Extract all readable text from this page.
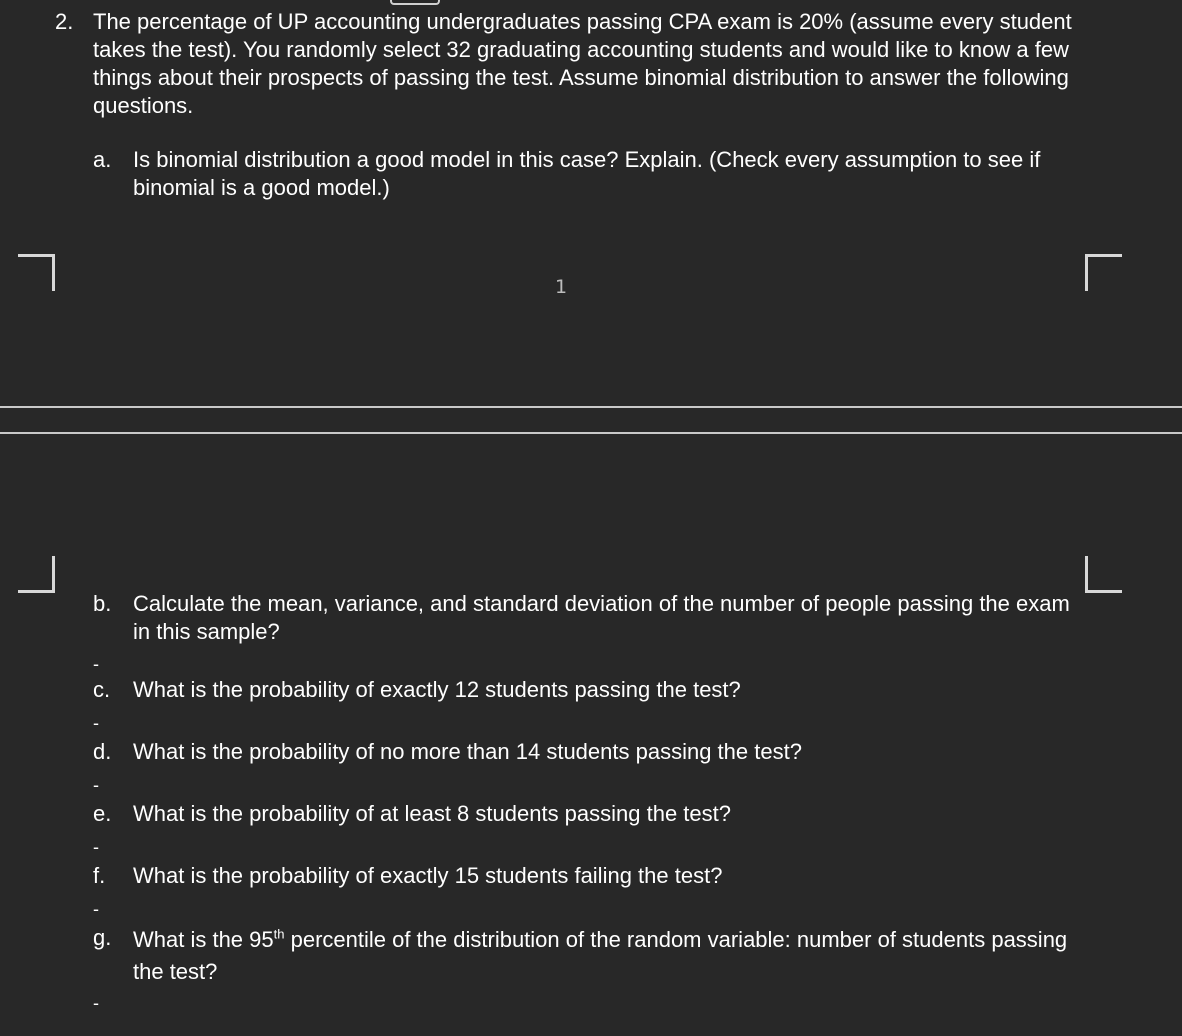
2. The percentage of UP accounting undergraduates passing CPA exam is 20% (assume every student takes the test). You randomly select 32 graduating accounting students and would like to know a few things about their prospects of passing the test. Assume binomial distribution to answer the following questions.

a. Is binomial distribution a good model in this case? Explain. (Check every assumption to see if binomial is a good model.)
1
b. Calculate the mean, variance, and standard deviation of the number of people passing the exam in this sample?
-
c. What is the probability of exactly 12 students passing the test?
-
d. What is the probability of no more than 14 students passing the test?
-
e. What is the probability of at least 8 students passing the test?
-
f. What is the probability of exactly 15 students failing the test?
-
g. What is the 95th percentile of the distribution of the random variable: number of students passing the test?
-
